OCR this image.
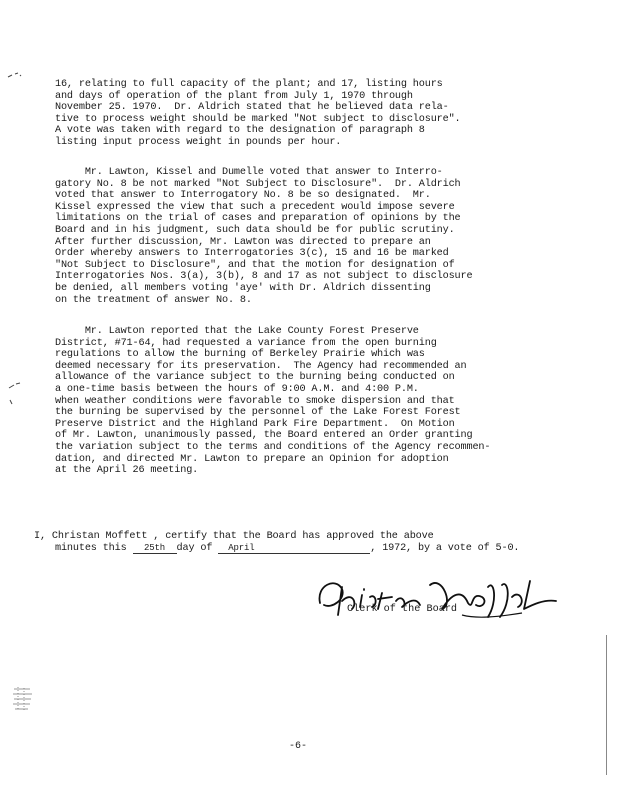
16, relating to full capacity of the plant; and 17, listing hours
and days of operation of the plant from July 1, 1970 through
November 25. 1970.  Dr. Aldrich stated that he believed data rela-
tive to process weight should be marked "Not subject to disclosure".
A vote was taken with regard to the designation of paragraph 8
listing input process weight in pounds per hour.

Mr. Lawton, Kissel and Dumelle voted that answer to Interro-
gatory No. 8 be not marked "Not Subject to Disclosure".  Dr. Aldrich
voted that answer to Interrogatory No. 8 be so designated.  Mr.
Kissel expressed the view that such a precedent would impose severe
limitations on the trial of cases and preparation of opinions by the
Board and in his judgment, such data should be for public scrutiny.
After further discussion, Mr. Lawton was directed to prepare an
Order whereby answers to Interrogatories 3(c), 15 and 16 be marked
"Not Subject to Disclosure", and that the motion for designation of
Interrogatories Nos. 3(a), 3(b), 8 and 17 as not subject to disclosure
be denied, all members voting 'aye' with Dr. Aldrich dissenting
on the treatment of answer No. 8.

Mr. Lawton reported that the Lake County Forest Preserve
District, #71-64, had requested a variance from the open burning
regulations to allow the burning of Berkeley Prairie which was
deemed necessary for its preservation.  The Agency had recommended an
allowance of the variance subject to the burning being conducted on
a one-time basis between the hours of 9:00 A.M. and 4:00 P.M.
when weather conditions were favorable to smoke dispersion and that
the burning be supervised by the personnel of the Lake Forest Forest
Preserve District and the Highland Park Fire Department.  On Motion
of Mr. Lawton, unanimously passed, the Board entered an Order granting
the variation subject to the terms and conditions of the Agency recommen-
dation, and directed Mr. Lawton to prepare an Opinion for adoption
at the April 26 meeting.

I, Christan Moffett , certify that the Board has approved the above
minutes this 25th day of April	, 1972, by a vote of 5-0.
Clerk of the Board
-6-
